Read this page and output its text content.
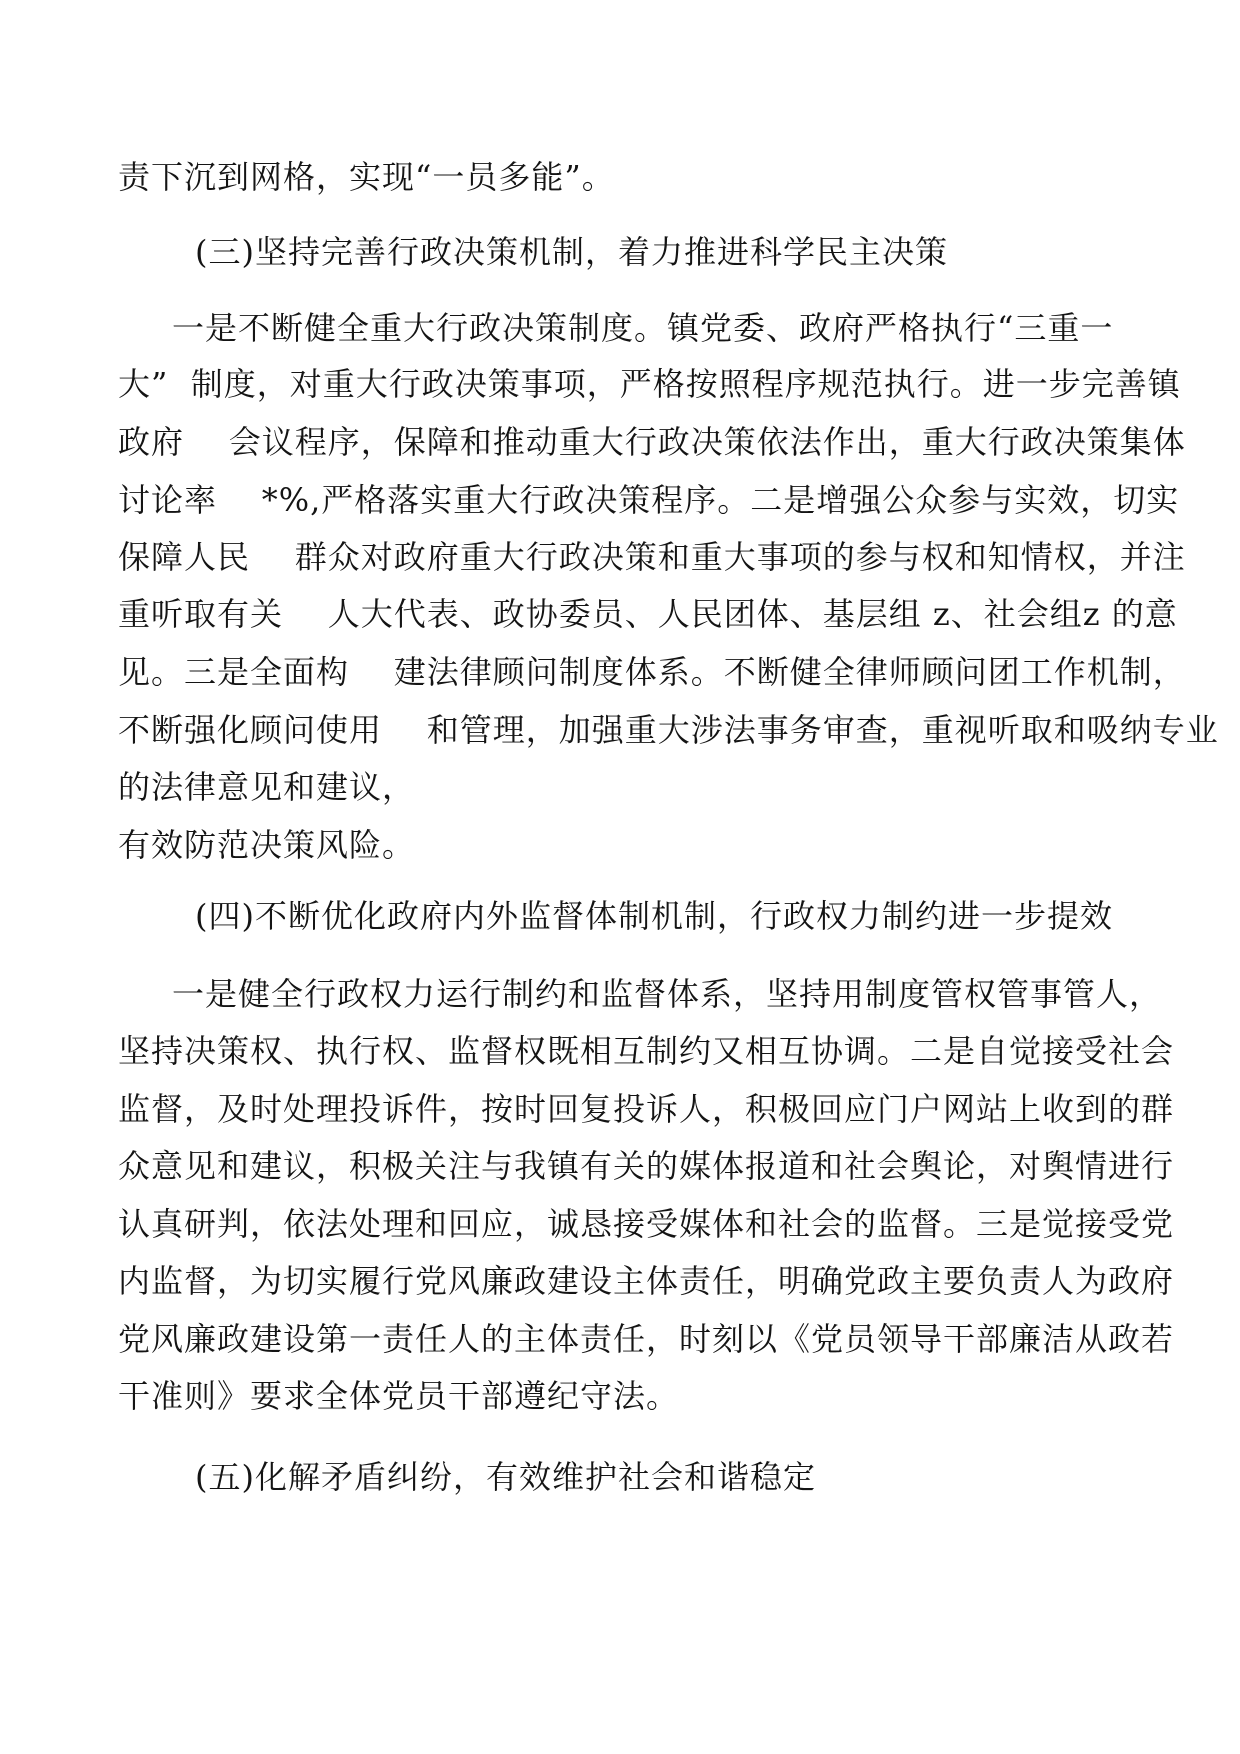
责下沉到网格，实现“一员多能”。
(三)坚持完善行政决策机制，着力推进科学民主决策
一是不断健全重大行政决策制度。镇党委、政府严格执行“三重一
大”  制度，对重大行政决策事项，严格按照程序规范执行。进一步完善镇
政府    会议程序，保障和推动重大行政决策依法作出，重大行政决策集体
讨论率    *%,严格落实重大行政决策程序。二是增强公众参与实效，切实
保障人民    群众对政府重大行政决策和重大事项的参与权和知情权，并注
重听取有关    人大代表、政协委员、人民团体、基层组 z、社会组z 的意
见。三是全面构    建法律顾问制度体系。不断健全律师顾问团工作机制，
不断强化顾问使用    和管理，加强重大涉法事务审查，重视听取和吸纳专业
的法律意见和建议，
有效防范决策风险。
(四)不断优化政府内外监督体制机制，行政权力制约进一步提效
一是健全行政权力运行制约和监督体系，坚持用制度管权管事管人，
坚持决策权、执行权、监督权既相互制约又相互协调。二是自觉接受社会
监督，及时处理投诉件，按时回复投诉人，积极回应门户网站上收到的群
众意见和建议，积极关注与我镇有关的媒体报道和社会舆论，对舆情进行
认真研判，依法处理和回应，诚恳接受媒体和社会的监督。三是觉接受党
内监督，为切实履行党风廉政建设主体责任，明确党政主要负责人为政府
党风廉政建设第一责任人的主体责任，时刻以《党员领导干部廉洁从政若
干准则》要求全体党员干部遵纪守法。
(五)化解矛盾纠纷，有效维护社会和谐稳定
